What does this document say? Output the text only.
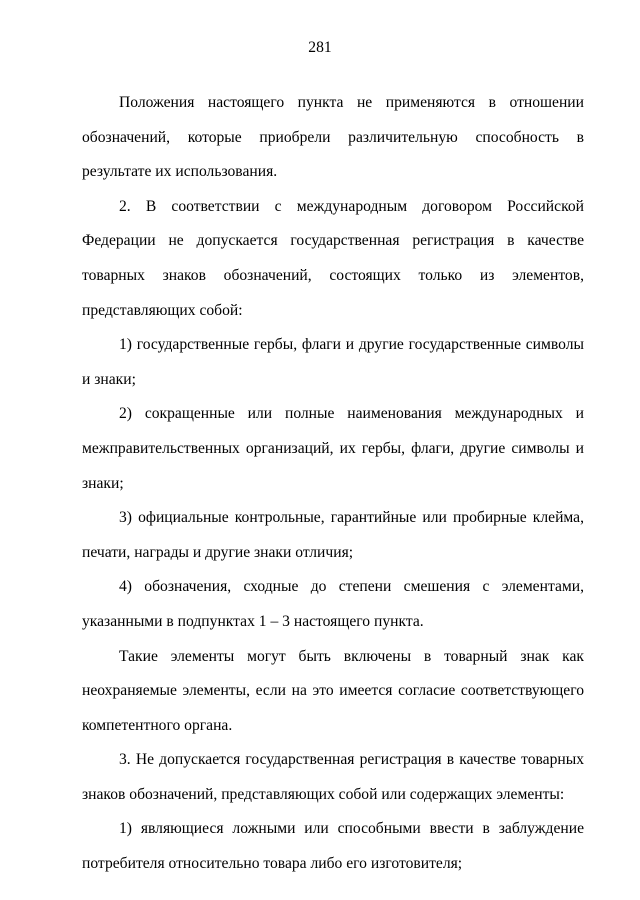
281

Положения настоящего пункта не применяются в отношении обозначений, которые приобрели различительную способность в результате их использования.

2. В соответствии с международным договором Российской Федерации не допускается государственная регистрация в качестве товарных знаков обозначений, состоящих только из элементов, представляющих собой:

1) государственные гербы, флаги и другие государственные символы и знаки;

2) сокращенные или полные наименования международных и межправительственных организаций, их гербы, флаги, другие символы и знаки;

3) официальные контрольные, гарантийные или пробирные клейма, печати, награды и другие знаки отличия;

4) обозначения, сходные до степени смешения с элементами, указанными в подпунктах 1 – 3 настоящего пункта.

Такие элементы могут быть включены в товарный знак как неохраняемые элементы, если на это имеется согласие соответствующего компетентного органа.

3. Не допускается государственная регистрация в качестве товарных знаков обозначений, представляющих собой или содержащих элементы:

1) являющиеся ложными или способными ввести в заблуждение потребителя относительно товара либо его изготовителя;
